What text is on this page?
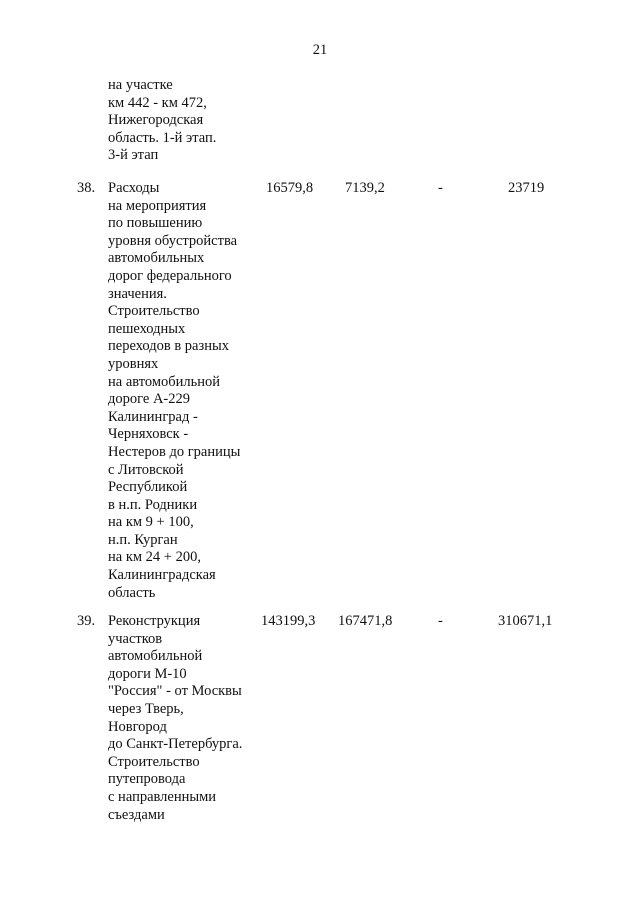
21
на участке
км 442 - км 472,
Нижегородская
область. 1-й этап.
3-й этап
38. Расходы
на мероприятия
по повышению
уровня обустройства
автомобильных
дорог федерального
значения.
Строительство
пешеходных
переходов в разных
уровнях
на автомобильной
дороге А-229
Калининград -
Черняховск -
Нестеров до границы
с Литовской
Республикой
в н.п. Родники
на км 9 + 100,
н.п. Курган
на км 24 + 200,
Калининградская
область
16579,8 7139,2	-	23719
39. Реконструкция
участков
автомобильной
дороги М-10
"Россия" - от Москвы
через Тверь,
Новгород
до Санкт-Петербурга.
Строительство
путепровода
с направленными
съездами
143199,3 167471,8	-	310671,1
